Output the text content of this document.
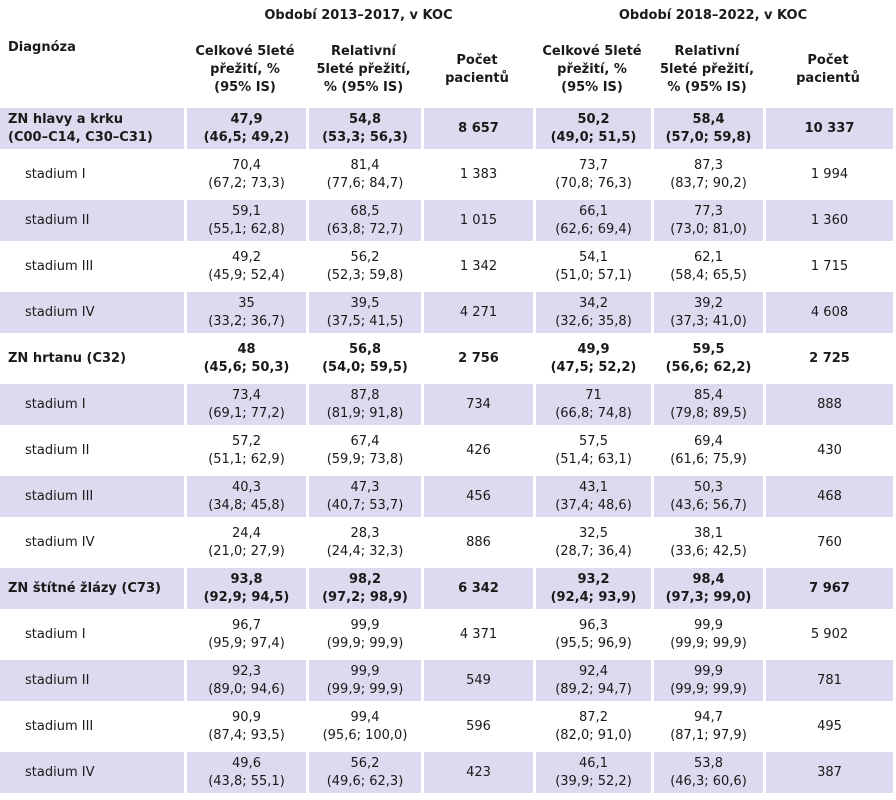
	Období 2013–2017, v KOC			Období 2018–2022, v KOC		
Diagnóza	Celkové 5leté
přežití, %
(95% IS)	Relativní
5leté přežití,
% (95% IS)	Počet
pacientů	Celkové 5leté
přežití, %
(95% IS)	Relativní
5leté přežití,
% (95% IS)	Počet
pacientů

ZN hlavy a krku
(C00–C14, C30–C31)	47,9
(46,5; 49,2)	54,8
(53,3; 56,3)	8 657	50,2
(49,0; 51,5)	58,4
(57,0; 59,8)	10 337

stadium I	70,4
(67,2; 73,3)	81,4
(77,6; 84,7)	1 383	73,7
(70,8; 76,3)	87,3
(83,7; 90,2)	1 994

stadium II	59,1
(55,1; 62,8)	68,5
(63,8; 72,7)	1 015	66,1
(62,6; 69,4)	77,3
(73,0; 81,0)	1 360

stadium III	49,2
(45,9; 52,4)	56,2
(52,3; 59,8)	1 342	54,1
(51,0; 57,1)	62,1
(58,4; 65,5)	1 715

stadium IV	35
(33,2; 36,7)	39,5
(37,5; 41,5)	4 271	34,2
(32,6; 35,8)	39,2
(37,3; 41,0)	4 608

ZN hrtanu (C32)	48
(45,6; 50,3)	56,8
(54,0; 59,5)	2 756	49,9
(47,5; 52,2)	59,5
(56,6; 62,2)	2 725

stadium I	73,4
(69,1; 77,2)	87,8
(81,9; 91,8)	734	71
(66,8; 74,8)	85,4
(79,8; 89,5)	888

stadium II	57,2
(51,1; 62,9)	67,4
(59,9; 73,8)	426	57,5
(51,4; 63,1)	69,4
(61,6; 75,9)	430

stadium III	40,3
(34,8; 45,8)	47,3
(40,7; 53,7)	456	43,1
(37,4; 48,6)	50,3
(43,6; 56,7)	468

stadium IV	24,4
(21,0; 27,9)	28,3
(24,4; 32,3)	886	32,5
(28,7; 36,4)	38,1
(33,6; 42,5)	760

ZN štítné žlázy (C73)	93,8
(92,9; 94,5)	98,2
(97,2; 98,9)	6 342	93,2
(92,4; 93,9)	98,4
(97,3; 99,0)	7 967

stadium I	96,7
(95,9; 97,4)	99,9
(99,9; 99,9)	4 371	96,3
(95,5; 96,9)	99,9
(99,9; 99,9)	5 902

stadium II	92,3
(89,0; 94,6)	99,9
(99,9; 99,9)	549	92,4
(89,2; 94,7)	99,9
(99,9; 99,9)	781

stadium III	90,9
(87,4; 93,5)	99,4
(95,6; 100,0)	596	87,2
(82,0; 91,0)	94,7
(87,1; 97,9)	495

stadium IV	49,6
(43,8; 55,1)	56,2
(49,6; 62,3)	423	46,1
(39,9; 52,2)	53,8
(46,3; 60,6)	387
